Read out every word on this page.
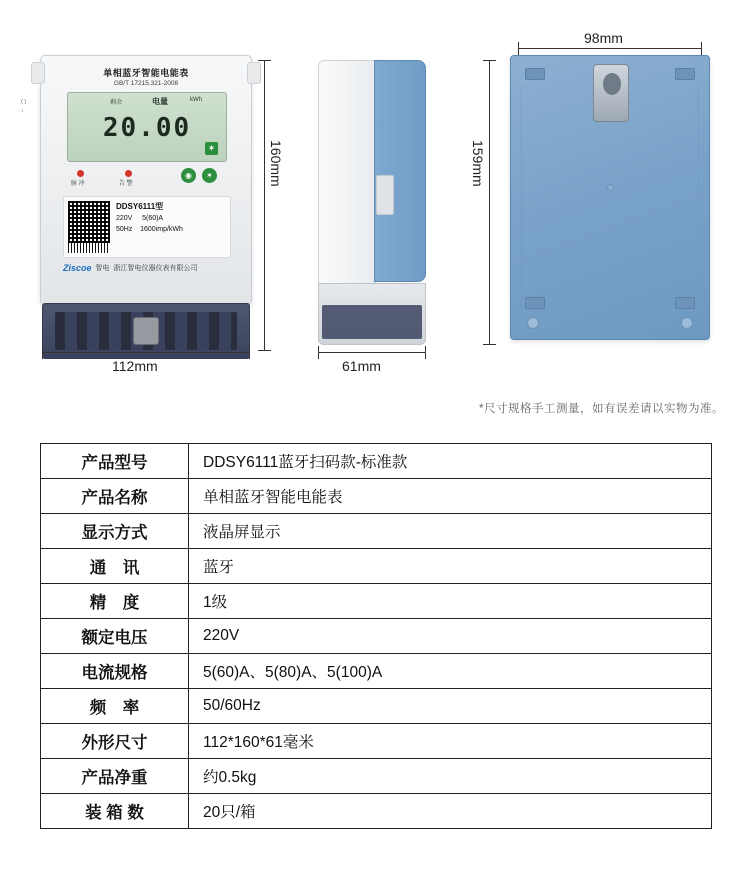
单相蓝牙智能电能表
GB/T 17215.321-2008
剩余	电量	kWh
20.00
✶
( )
↓
脉 冲	告 警
◉	✶
DDSY6111型
220V 5(60)A
50Hz 1600imp/kWh
Ziscoe 智电 浙江智电仪器仪表有限公司
112mm
160mm
61mm
98mm
159mm
*尺寸规格手工测量，如有误差请以实物为准。
产品型号	DDSY6111蓝牙扫码款-标准款
产品名称	单相蓝牙智能电能表
显示方式	液晶屏显示
通　讯	蓝牙
精　度	1级
额定电压	220V
电流规格	5(60)A、5(80)A、5(100)A
频　率	50/60Hz
外形尺寸	112*160*61毫米
产品净重	约0.5kg
装 箱 数	20只/箱
